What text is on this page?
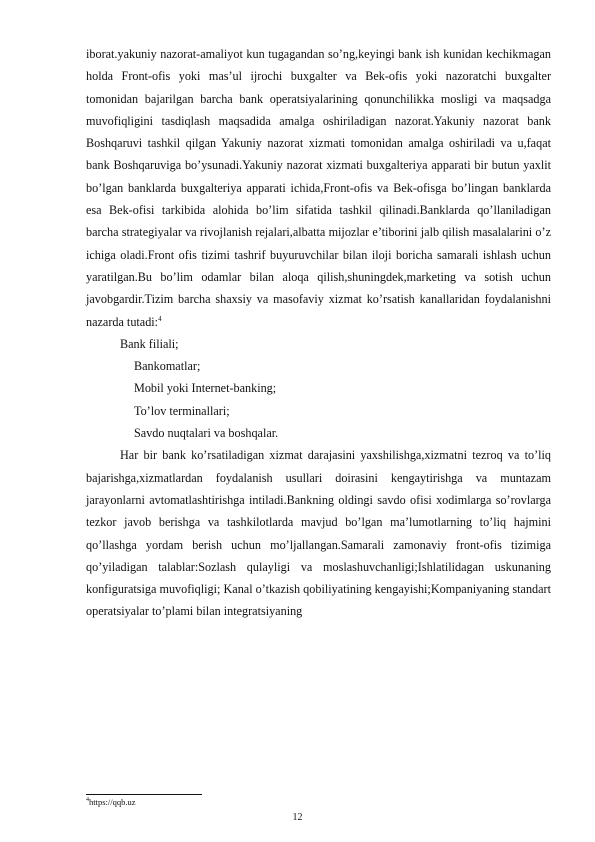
iborat.yakuniy nazorat-amaliyot kun tugagandan so’ng,keyingi bank ish kunidan kechikmagan holda Front-ofis yoki mas’ul ijrochi buxgalter va Bek-ofis yoki nazoratchi buxgalter tomonidan bajarilgan barcha bank operatsiyalarining qonunchilikka mosligi va maqsadga muvofiqligini tasdiqlash maqsadida amalga oshiriladigan nazorat.Yakuniy nazorat bank Boshqaruvi tashkil qilgan Yakuniy nazorat xizmati tomonidan amalga oshiriladi va u,faqat bank Boshqaruviga bo’ysunadi.Yakuniy nazorat xizmati buxgalteriya apparati bir butun yaxlit bo’lgan banklarda buxgalteriya apparati ichida,Front-ofis va Bek-ofisga bo’lingan banklarda esa Bek-ofisi tarkibida alohida bo’lim sifatida tashkil qilinadi.Banklarda qo’llaniladigan barcha strategiyalar va rivojlanish rejalari,albatta mijozlar e’tiborini jalb qilish masalalarini o’z ichiga oladi.Front ofis tizimi tashrif buyuruvchilar bilan iloji boricha samarali ishlash uchun yaratilgan.Bu bo’lim odamlar bilan aloqa qilish,shuningdek,marketing va sotish uchun javobgardir.Tizim barcha shaxsiy va masofaviy xizmat ko’rsatish kanallaridan foydalanishni nazarda tutadi:$^4$

Bank filiali;
Bankomatlar;
Mobil yoki Internet-banking;
To’lov terminallari;
Savdo nuqtalari va boshqalar.

Har bir bank ko’rsatiladigan xizmat darajasini yaxshilishga,xizmatni tezroq va to’liq bajarishga,xizmatlardan foydalanish usullari doirasini kengaytirishga va muntazam jarayonlarni avtomatlashtirishga intiladi.Bankning oldingi savdo ofisi xodimlarga so’rovlarga tezkor javob berishga va tashkilotlarda mavjud bo’lgan ma’lumotlarning to’liq hajmini qo’llashga yordam berish uchun mo’ljallangan.Samarali zamonaviy front-ofis tizimiga qo’yiladigan talablar:Sozlash qulayligi va moslashuvchanligi;Ishlatilidagan uskunaning konfiguratsiga muvofiqligi; Kanal o’tkazish qobiliyatining kengayishi;Kompaniyaning standart operatsiyalar to’plami bilan integratsiyaning

$^4$https://qqb.uz
12
